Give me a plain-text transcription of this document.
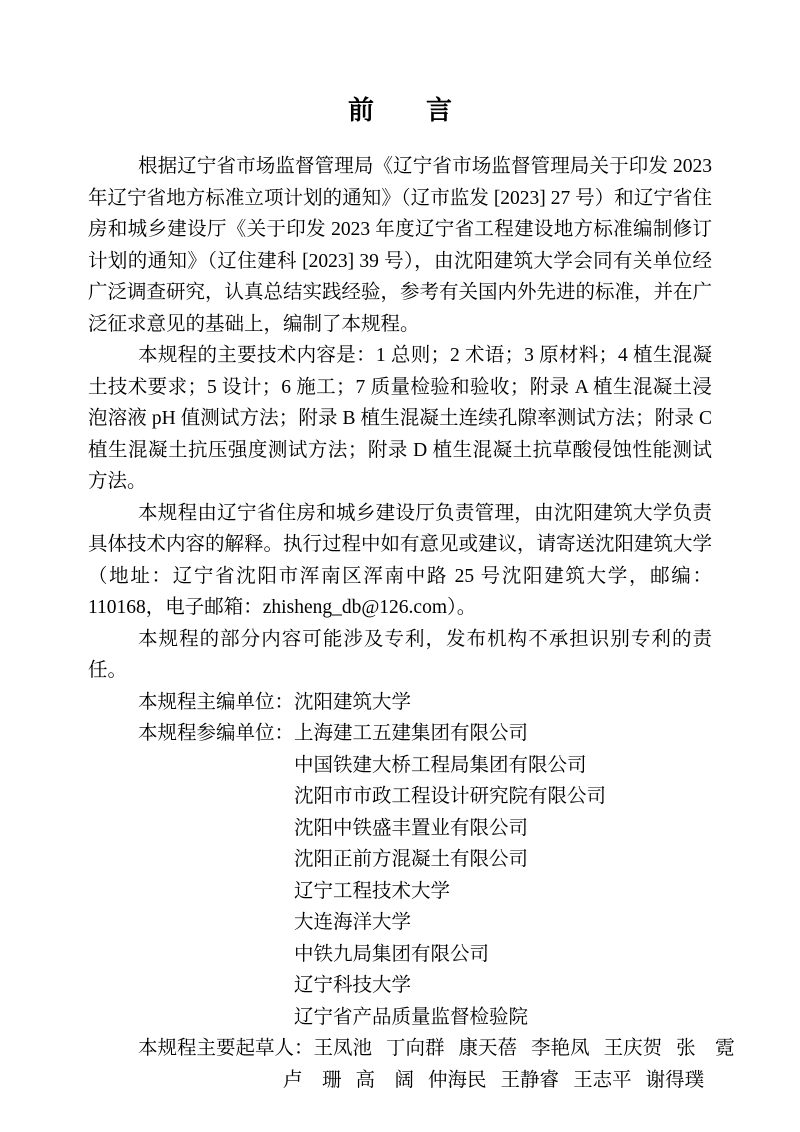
前　　言

根据辽宁省市场监督管理局《辽宁省市场监督管理局关于印发 2023 年辽宁省地方标准立项计划的通知》（辽市监发 [2023] 27 号）和辽宁省住房和城乡建设厅《关于印发 2023 年度辽宁省工程建设地方标准编制修订计划的通知》（辽住建科 [2023] 39 号），由沈阳建筑大学会同有关单位经广泛调查研究，认真总结实践经验，参考有关国内外先进的标准，并在广泛征求意见的基础上，编制了本规程。

本规程的主要技术内容是：1 总则；2 术语；3 原材料；4 植生混凝土技术要求；5 设计；6 施工；7 质量检验和验收；附录 A 植生混凝土浸泡溶液 pH 值测试方法；附录 B 植生混凝土连续孔隙率测试方法；附录 C 植生混凝土抗压强度测试方法；附录 D 植生混凝土抗草酸侵蚀性能测试方法。

本规程由辽宁省住房和城乡建设厅负责管理，由沈阳建筑大学负责具体技术内容的解释。执行过程中如有意见或建议，请寄送沈阳建筑大学（地址：辽宁省沈阳市浑南区浑南中路 25 号沈阳建筑大学，邮编：110168，电子邮箱：zhisheng_db@126.com）。

本规程的部分内容可能涉及专利，发布机构不承担识别专利的责任。

本规程主编单位： 沈阳建筑大学
本规程参编单位： 上海建工五建集团有限公司
中国铁建大桥工程局集团有限公司
沈阳市市政工程设计研究院有限公司
沈阳中铁盛丰置业有限公司
沈阳正前方混凝土有限公司
辽宁工程技术大学
大连海洋大学
中铁九局集团有限公司
辽宁科技大学
辽宁省产品质量监督检验院
本规程主要起草人： 王凤池 丁向群 康天蓓 李艳凤 王庆贺 张　霓
卢　珊 高　阔 仲海民 王静睿 王志平 谢得璞
